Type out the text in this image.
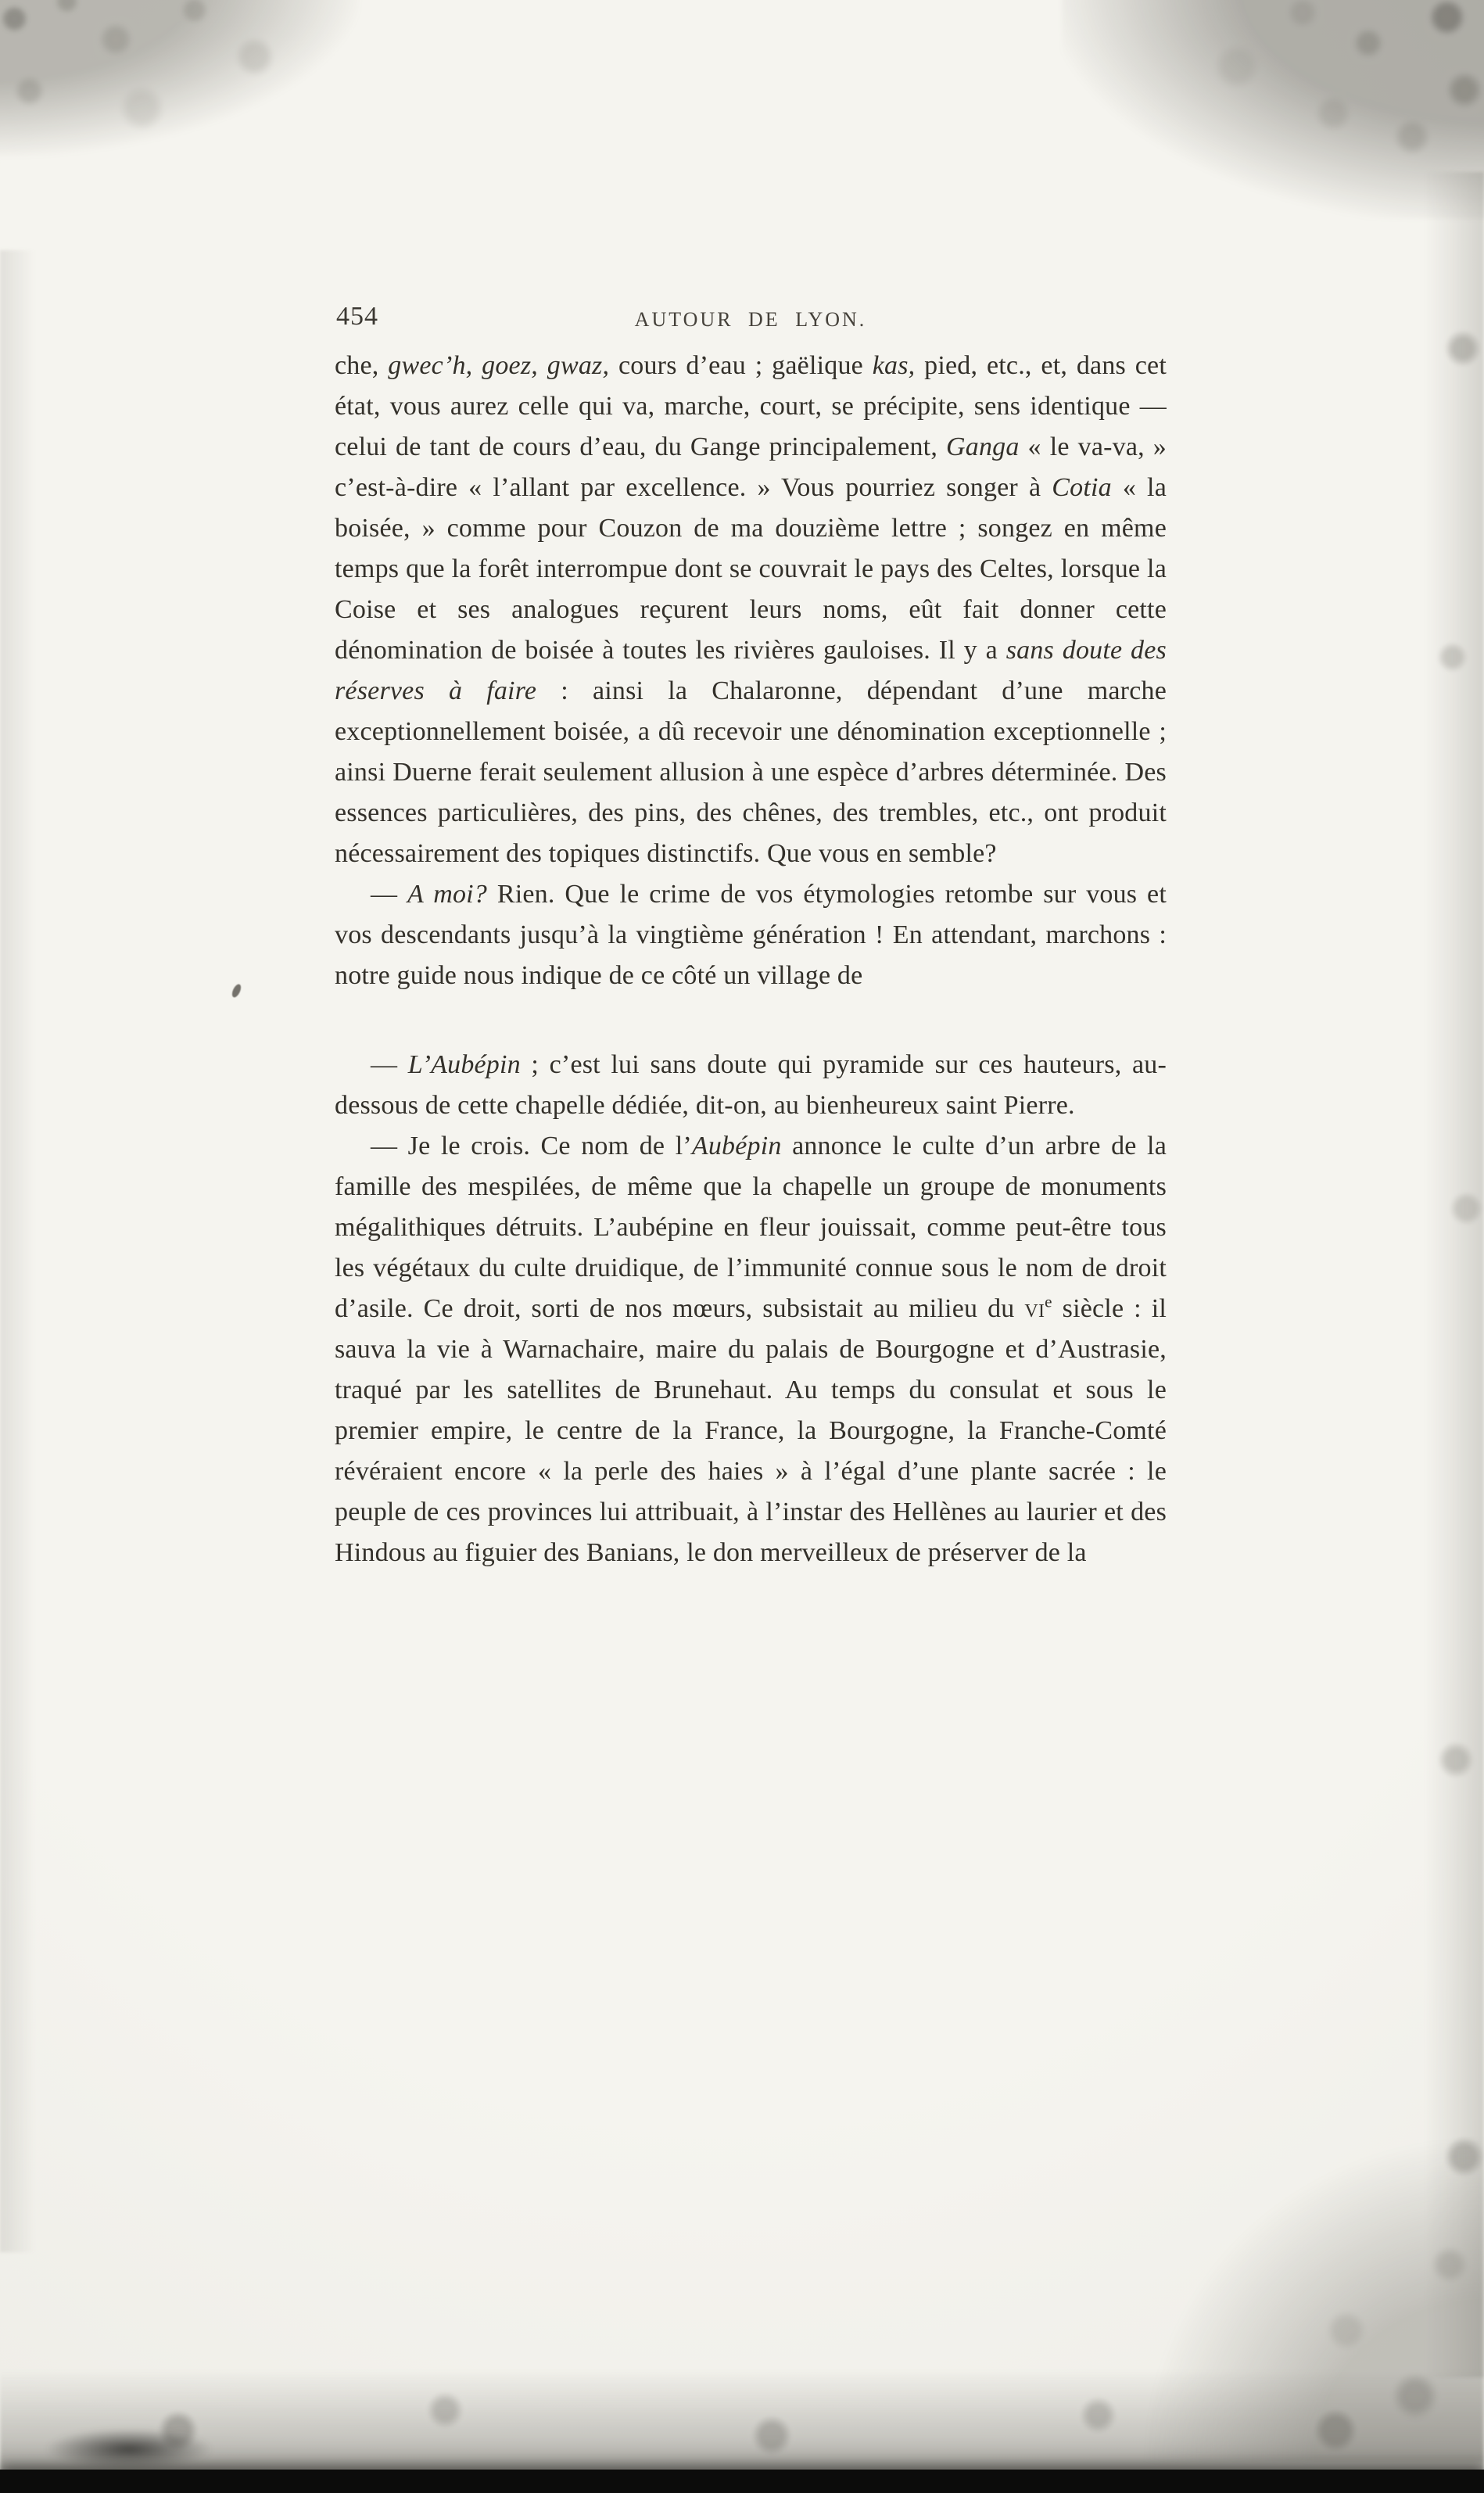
454	AUTOUR DE LYON.

che, gwec’h, goez, gwaz, cours d’eau ; gaëlique kas, pied, etc., et, dans cet état, vous aurez celle qui va, marche, court, se précipite, sens identique — celui de tant de cours d’eau, du Gange principalement, Ganga « le va-va, » c’est-à-dire « l’allant par excellence. » Vous pourriez songer à Cotia « la boisée, » comme pour Couzon de ma douzième lettre ; songez en même temps que la forêt interrompue dont se couvrait le pays des Celtes, lorsque la Coise et ses analogues reçurent leurs noms, eût fait donner cette dénomination de boisée à toutes les rivières gauloises. Il y a sans doute des réserves à faire : ainsi la Chalaronne, dépendant d’une marche exceptionnellement boisée, a dû recevoir une dénomination exceptionnelle ; ainsi Duerne ferait seulement allusion à une espèce d’arbres déterminée. Des essences particulières, des pins, des chênes, des trembles, etc., ont produit nécessairement des topiques distinctifs. Que vous en semble?

— A moi? Rien. Que le crime de vos étymologies retombe sur vous et vos descendants jusqu’à la vingtième génération ! En attendant, marchons : notre guide nous indique de ce côté un village de

— L’Aubépin ; c’est lui sans doute qui pyramide sur ces hauteurs, au-dessous de cette chapelle dédiée, dit-on, au bienheureux saint Pierre.

— Je le crois. Ce nom de l’Aubépin annonce le culte d’un arbre de la famille des mespilées, de même que la chapelle un groupe de monuments mégalithiques détruits. L’aubépine en fleur jouissait, comme peut-être tous les végétaux du culte druidique, de l’immunité connue sous le nom de droit d’asile. Ce droit, sorti de nos mœurs, subsistait au milieu du $vi^e$ siècle : il sauva la vie à Warnachaire, maire du palais de Bourgogne et d’Austrasie, traqué par les satellites de Brunehaut. Au temps du consulat et sous le premier empire, le centre de la France, la Bourgogne, la Franche-Comté révéraient encore « la perle des haies » à l’égal d’une plante sacrée : le peuple de ces provinces lui attribuait, à l’instar des Hellènes au laurier et des Hindous au figuier des Banians, le don merveilleux de préserver de la
